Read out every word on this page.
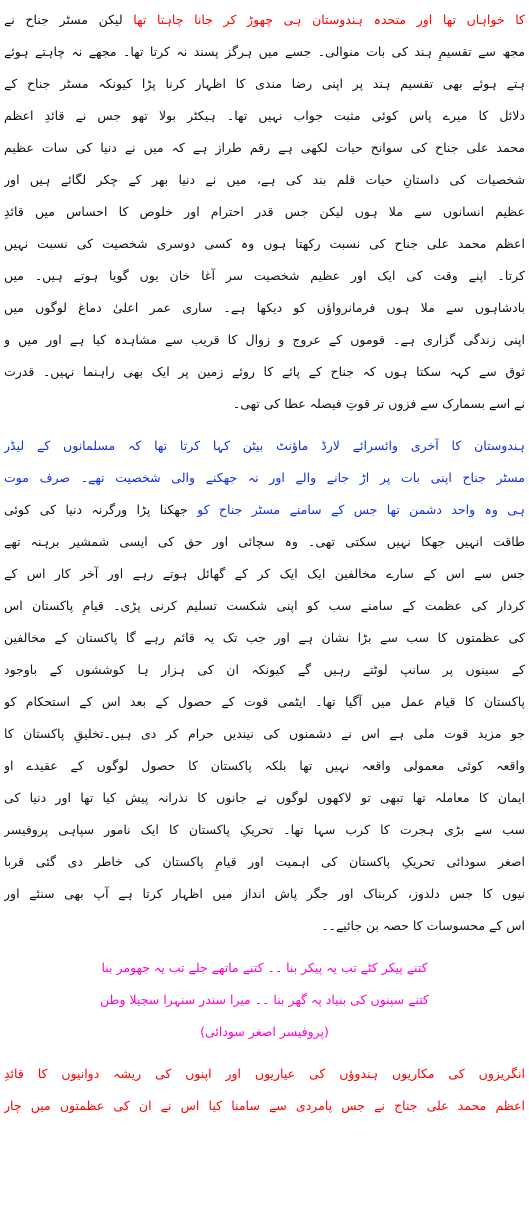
کا خواہاں تھا اور متحدہ ہندوستان ہی چھوڑ کر جانا چاہتا تھا لیکن مسٹر جناح نے
مجھ سے تقسیمِ ہند کی بات منوالی۔ جسے میں ہرگز پسند نہ کرتا تھا۔ مجھے نہ چاہتے ہوئے
ہتے ہوئے بھی تقسیم ہند پر اپنی رضا مندی کا اظہار کرنا پڑا کیونکہ مسٹر جناح کے
دلائل کا میرے پاس کوئی مثبت جواب نہیں تھا۔ ہیکٹر بولا تھو جس نے قائدِ اعظم
محمد علی جناح کی سوانح حیات لکھی ہے رقم طراز ہے کہ میں نے دنیا کی سات عظیم
شخصیات کی داستانِ حیات قلم بند کی ہے، میں نے دنیا بھر کے چکر لگائے ہیں اور
عظیم انسانوں سے ملا ہوں لیکن جس قدر احترام اور خلوص کا احساس میں قائدِ
اعظم محمد علی جناح کی نسبت رکھتا ہوں وہ کسی دوسری شخصیت کی نسبت نہیں
کرتا۔ اپنے وقت کی ایک اور عظیم شخصیت سر آغا خان یوں گویا ہوتے ہیں۔ میں
بادشاہوں سے ملا ہوں فرمانرواؤں کو دیکھا ہے۔ ساری عمر اعلیٰ دماغ لوگوں میں
اپنی زندگی گزاری ہے۔ قوموں کے عروج و زوال کا قریب سے مشاہدہ کیا ہے اور میں و
ثوق سے کہہ سکتا ہوں کہ جناح کے پائے کا روئے زمین پر ایک بھی راہنما نہیں۔ قدرت
نے اسے بسمارک سے فزوں تر قوتِ فیصلہ عطا کی تھی۔
ہندوستان کا آخری وائسرائے لارڈ ماؤنٹ بیٹن کہا کرتا تھا کہ مسلمانوں کے لیڈر
مسٹر جناح اپنی بات پر اڑ جانے والے اور نہ جھکنے والی شخصیت تھے۔ صرف موت
ہی وہ واحد دشمن تھا جس کے سامنے مسٹر جناح کو جھکنا پڑا ورگرنہ دنیا کی کوئی
طاقت انہیں جھکا نہیں سکتی تھی۔ وہ سچائی اور حق کی ایسی شمشیر برہنہ تھے
جس سے اس کے سارے مخالفین ایک ایک کر کے گھائل ہوتے رہے اور آخر کار اس کے
کردار کی عظمت کے سامنے سب کو اپنی شکست تسلیم کرنی پڑی۔ قیامِ پاکستان اس
کی عظمتوں کا سب سے بڑا نشان ہے اور جب تک یہ قائم رہے گا پاکستان کے مخالفین
کے سینوں پر سانپ لوٹتے رہیں گے کیونکہ ان کی ہزار ہا کوششوں کے باوجود
پاکستان کا قیام عمل میں آگیا تھا۔ ایٹمی قوت کے حصول کے بعد اس کے استحکام کو
جو مزید قوت ملی ہے اس نے دشمنوں کی نیندیں حرام کر دی ہیں۔تخلیقِ پاکستان کا
واقعہ کوئی معمولی واقعہ نہیں تھا بلکہ پاکستان کا حصول لوگوں کے عقیدے او
ایمان کا معاملہ تھا تبھی تو لاکھوں لوگوں نے جانوں کا نذرانہ پیش کیا تھا اور دنیا کی
سب سے بڑی ہجرت کا کرب سہا تھا۔ تحریکِ پاکستان کا ایک نامور سپاہی پروفیسر
اصغر سودائی تحریکِ پاکستان کی اہمیت اور قیامِ پاکستان کی خاطر دی گئی قربا
نیوں کا جس دلدوز، کربناک اور جگر پاش انداز میں اظہار کرتا ہے آپ بھی سنئے اور
اس کے محسوسات کا حصہ بن جائیے۔۔
کتنے پیکر کٹے تب یہ پیکر بنا ۔۔ کتنے ماتھے جلے تب یہ جھومر بنا
کتنے سپنوں کی بنیاد پہ گھر بنا ۔۔ میرا سندر سنہرا سجیلا وطن
(پروفیسر اصغر سودائی)
انگریزوں کی مکاریوں ہندوؤں کی عیاریوں اور اپنوں کی ریشہ دوانیوں کا قائدِ
اعظم محمد علی جناح نے جس پامردی سے سامنا کیا اس نے ان کی عظمتوں میں چار
